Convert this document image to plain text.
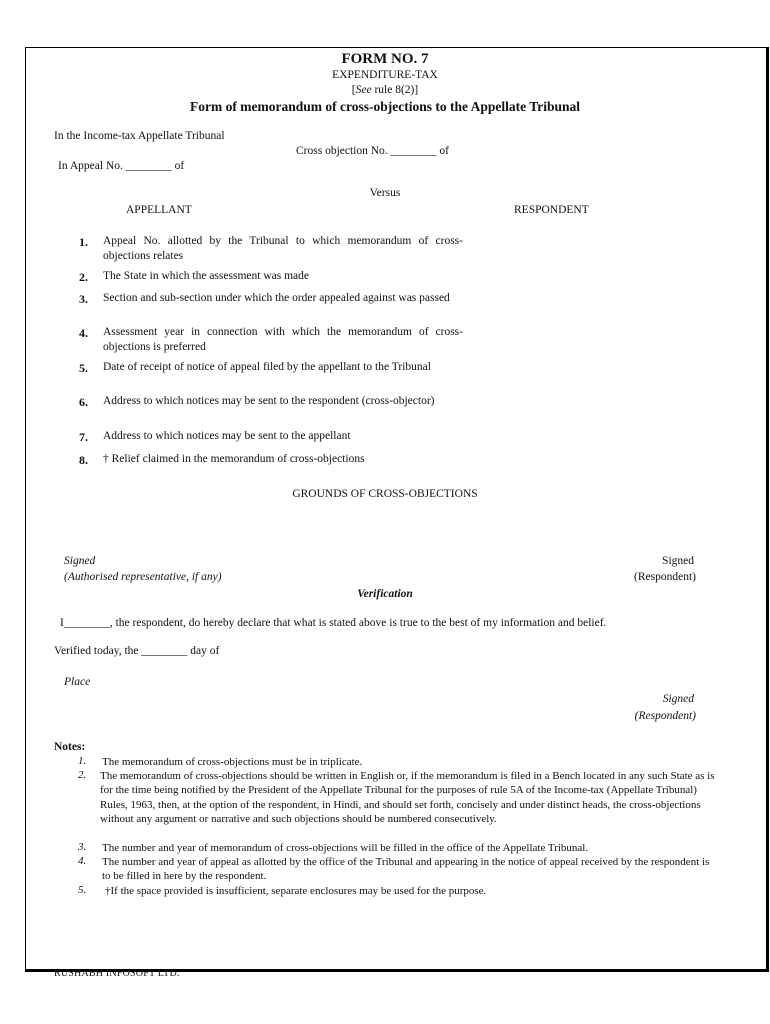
FORM NO. 7
EXPENDITURE-TAX
[See rule 8(2)]
Form of memorandum of cross-objections to the Appellate Tribunal
In the Income-tax Appellate Tribunal
Cross objection No. ________ of
In Appeal No. ________ of
Versus
APPELLANT	RESPONDENT
1.	Appeal No. allotted by the Tribunal to which memorandum of cross-objections relates
2.	The State in which the assessment was made
3.	Section and sub-section under which the order appealed against was passed
4.	Assessment year in connection with which the memorandum of cross-objections is preferred
5.	Date of receipt of notice of appeal filed by the appellant to the Tribunal
6.	Address to which notices may be sent to the respondent (cross-objector)
7.	Address to which notices may be sent to the appellant
8.	† Relief claimed in the memorandum of cross-objections
GROUNDS OF CROSS-OBJECTIONS
Signed
(Authorised representative, if any)
Signed
(Respondent)
Verification
I________, the respondent, do hereby declare that what is stated above is true to the best of my information and belief.
Verified today, the ________ day of
Place
Signed
(Respondent)
Notes:
1. The memorandum of cross-objections must be in triplicate.
2. The memorandum of cross-objections should be written in English or, if the memorandum is filed in a Bench located in any such State as is for the time being notified by the President of the Appellate Tribunal for the purposes of rule 5A of the Income-tax (Appellate Tribunal) Rules, 1963, then, at the option of the respondent, in Hindi, and should set forth, concisely and under distinct heads, the cross-objections without any argument or narrative and such objections should be numbered consecutively.
3. The number and year of memorandum of cross-objections will be filled in the office of the Appellate Tribunal.
4. The number and year of appeal as allotted by the office of the Tribunal and appearing in the notice of appeal received by the respondent is to be filled in here by the respondent.
5. †If the space provided is insufficient, separate enclosures may be used for the purpose.
RUSHABH INFOSOFT LTD.
